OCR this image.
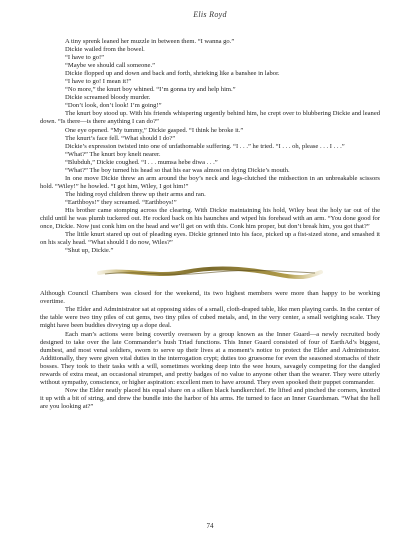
Elis Royd

A tiny sprenk leaned her muzzle in between them. “I wanna go.”

Dickie wailed from the bowel.

“I have to go!”

“Maybe we should call someone.”

Dickie flopped up and down and back and forth, shrieking like a banshee in labor.

“I have to go! I mean it!”

“No more,” the knurt boy whined. “I’m gonna try and help him.”

Dickie screamed bloody murder.

“Don’t look, don’t look! I’m going!”

The knurt boy stood up. With his friends whispering urgently behind him, he crept over to blubbering Dickie and leaned down. “Is there—is there anything I can do?”

One eye opened. “My tummy,” Dickie gasped. “I think he broke it.”

The knurt’s face fell. “What should I do?”

Dickie’s expression twisted into one of unfathomable suffering. “I . . .” he tried. “I . . . oh, please . . . I . . .”

“What?” The knurt boy knelt nearer.

“Blubduh,” Dickie coughed. “I . . . mumsa hebe diwa . . .”

“What?” The boy turned his head so that his ear was almost on dying Dickie’s mouth.

In one move Dickie threw an arm around the boy’s neck and legs-clutched the midsection in an unbreakable scissors hold. “Wiley!” he howled. “I got him, Wiley, I got him!”

The hiding royd children threw up their arms and ran.

“Earthboys!” they screamed. “Earthboys!”

His brother came stomping across the clearing. With Dickie maintaining his hold, Wiley beat the holy tar out of the child until he was plumb tuckered out. He rocked back on his haunches and wiped his forehead with an arm. “You done good for once, Dickie. Now just conk him on the head and we’ll get on with this. Conk him proper, but don’t break him, you got that?”

The little knurt stared up out of pleading eyes. Dickie grinned into his face, picked up a fist-sized stone, and smashed it on his scaly head. “What should I do now, Wiles?”

“Shut up, Dickie.”

Although Council Chambers was closed for the weekend, its two highest members were more than happy to be working overtime.

The Elder and Administrator sat at opposing sides of a small, cloth-draped table, like men playing cards. In the center of the table were two tiny piles of cut gems, two tiny piles of cubed metals, and, in the very center, a small weighing scale. They might have been buddies divvying up a dope deal.

Each man’s actions were being covertly overseen by a group known as the Inner Guard—a newly recruited body designed to take over the late Commander’s hush Triad functions. This Inner Guard consisted of four of EarthAd’s biggest, dumbest, and most venal soldiers, sworn to serve up their lives at a moment’s notice to protect the Elder and Administrator. Additionally, they were given vital duties in the interrogation crypt; duties too gruesome for even the seasoned stomachs of their bosses. They took to their tasks with a will, sometimes working deep into the wee hours, savagely competing for the dangled rewards of extra meat, an occasional strumpet, and pretty badges of no value to anyone other than the wearer. They were utterly without sympathy, conscience, or higher aspiration: excellent men to have around. They even spooked their puppet commander.

Now the Elder neatly placed his equal share on a silken black handkerchief. He lifted and pinched the corners, knotted it up with a bit of string, and drew the bundle into the harbor of his arms. He turned to face an Inner Guardsman. “What the hell are you looking at?”

74
